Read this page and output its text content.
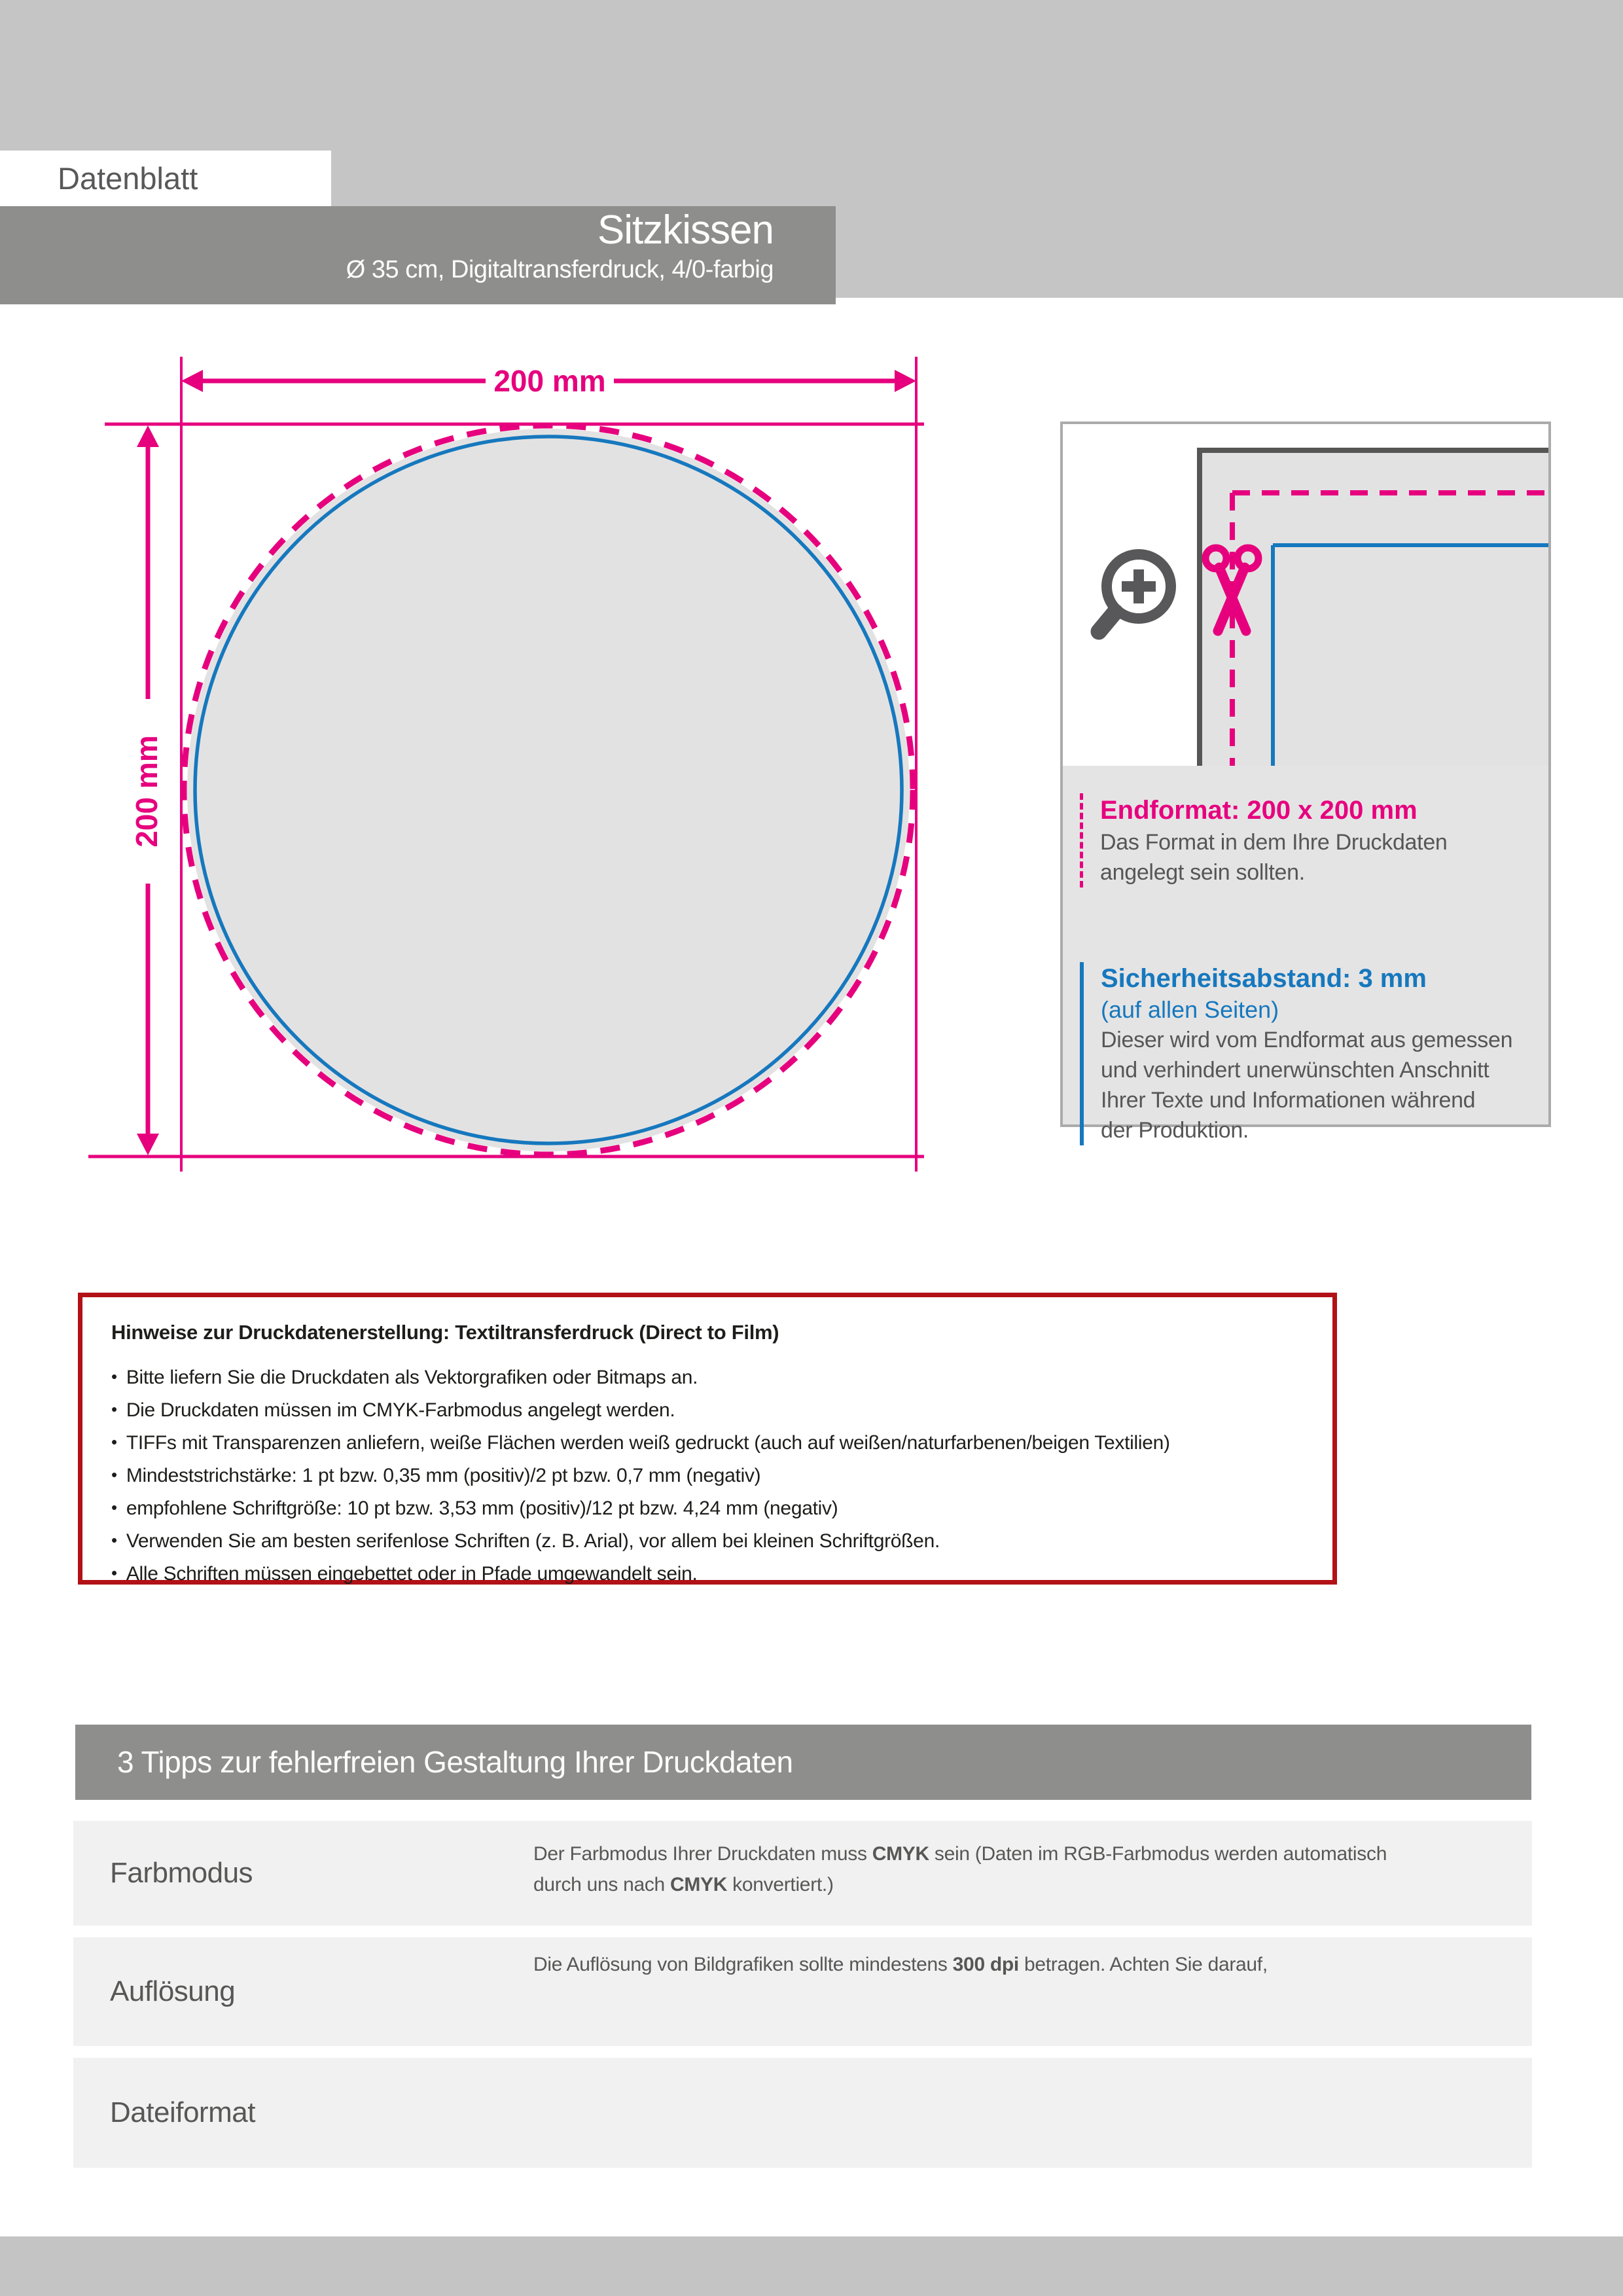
Datenblatt
Sitzkissen
Ø 35 cm, Digitaltransferdruck, 4/0-farbig
200 mm
200 mm	Endformat: 200 x 200 mm
Das Format in dem Ihre Druckdaten
angelegt sein sollten.
Sicherheitsabstand: 3 mm
(auf allen Seiten)
Dieser wird vom Endformat aus gemessen
und verhindert unerwünschten Anschnitt
Ihrer Texte und Informationen während
der Produktion.
Hinweise zur Druckdatenerstellung: Textiltransferdruck (Direct to Film)
• Bitte liefern Sie die Druckdaten als Vektorgrafiken oder Bitmaps an.
• Die Druckdaten müssen im CMYK-Farbmodus angelegt werden.
• TIFFs mit Transparenzen anliefern, weiße Flächen werden weiß gedruckt (auch auf weißen/naturfarbenen/beigen Textilien)
• Mindeststrichstärke: 1 pt bzw. 0,35 mm (positiv)/2 pt bzw. 0,7 mm (negativ)
• empfohlene Schriftgröße: 10 pt bzw. 3,53 mm (positiv)/12 pt bzw. 4,24 mm (negativ)
• Verwenden Sie am besten serifenlose Schriften (z. B. Arial), vor allem bei kleinen Schriftgrößen.
• Alle Schriften müssen eingebettet oder in Pfade umgewandelt sein.
3 Tipps zur fehlerfreien Gestaltung Ihrer Druckdaten
Farbmodus
Der Farbmodus Ihrer Druckdaten muss CMYK sein (Daten im RGB-Farbmodus werden automatisch
durch uns nach CMYK konvertiert.)
Auflösung
Die Auflösung von Bildgrafiken sollte mindestens 300 dpi betragen. Achten Sie darauf,
Dateiformat
